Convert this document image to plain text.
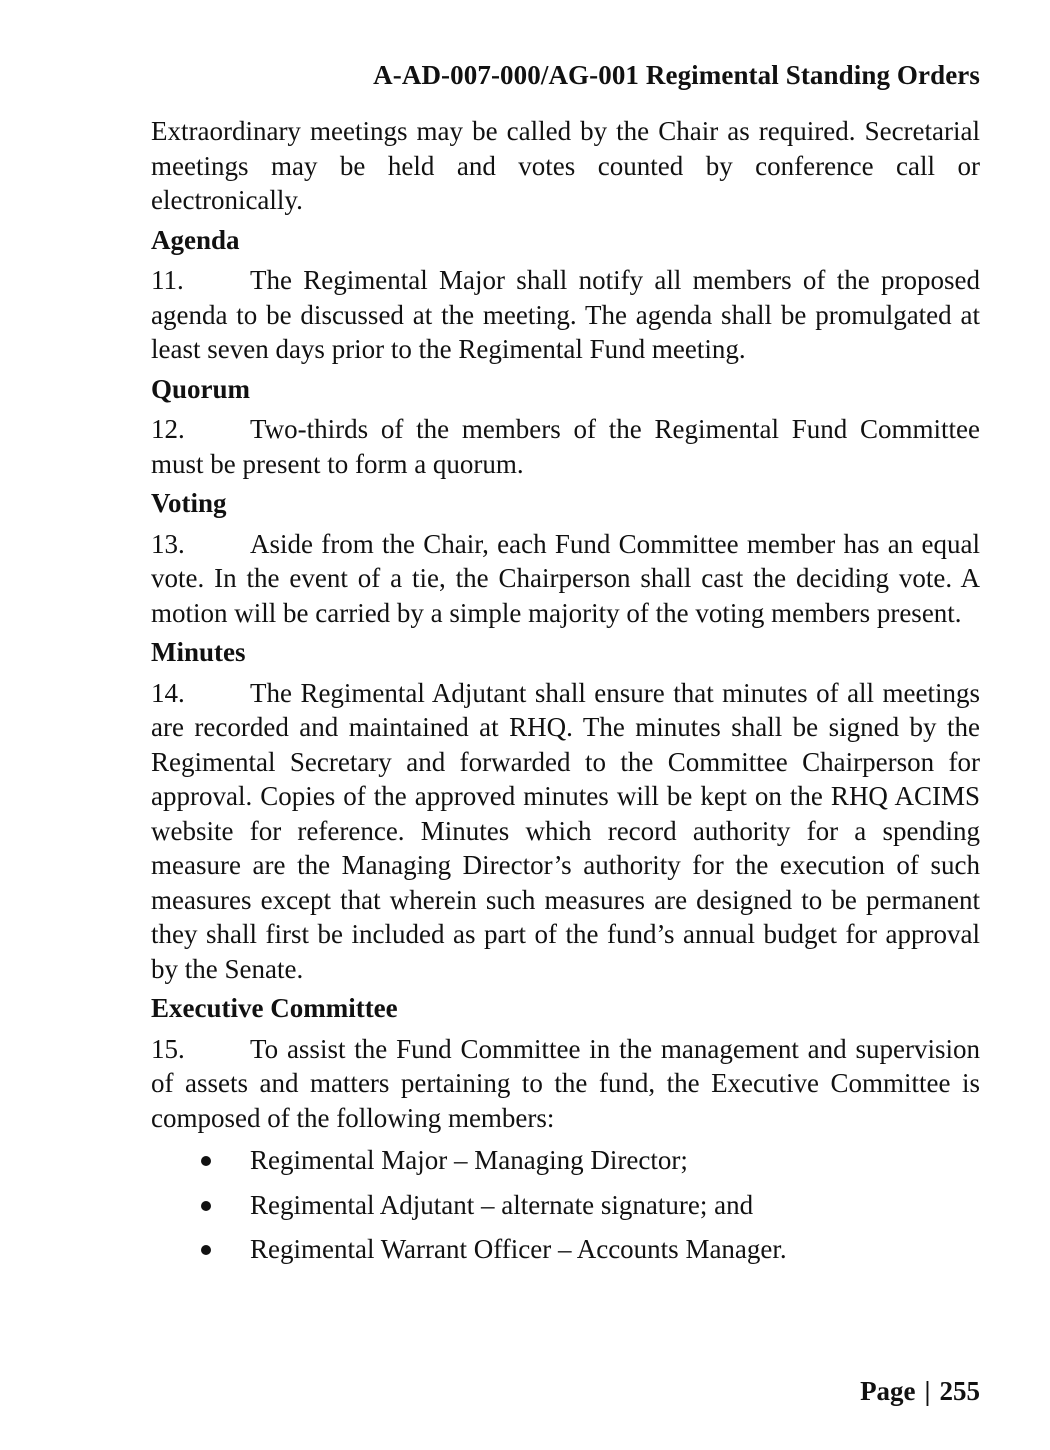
A-AD-007-000/AG-001 Regimental Standing Orders

Extraordinary meetings may be called by the Chair as required. Secretarial meetings may be held and votes counted by conference call or electronically.

Agenda

11. The Regimental Major shall notify all members of the proposed agenda to be discussed at the meeting. The agenda shall be promulgated at least seven days prior to the Regimental Fund meeting.

Quorum

12. Two-thirds of the members of the Regimental Fund Committee must be present to form a quorum.

Voting

13. Aside from the Chair, each Fund Committee member has an equal vote. In the event of a tie, the Chairperson shall cast the deciding vote. A motion will be carried by a simple majority of the voting members present.

Minutes

14. The Regimental Adjutant shall ensure that minutes of all meetings are recorded and maintained at RHQ. The minutes shall be signed by the Regimental Secretary and forwarded to the Committee Chairperson for approval. Copies of the approved minutes will be kept on the RHQ ACIMS website for reference. Minutes which record authority for a spending measure are the Managing Director’s authority for the execution of such measures except that wherein such measures are designed to be permanent they shall first be included as part of the fund’s annual budget for approval by the Senate.

Executive Committee

15. To assist the Fund Committee in the management and supervision of assets and matters pertaining to the fund, the Executive Committee is composed of the following members:

Regimental Major – Managing Director;
Regimental Adjutant – alternate signature; and
Regimental Warrant Officer – Accounts Manager.
Page | 255
